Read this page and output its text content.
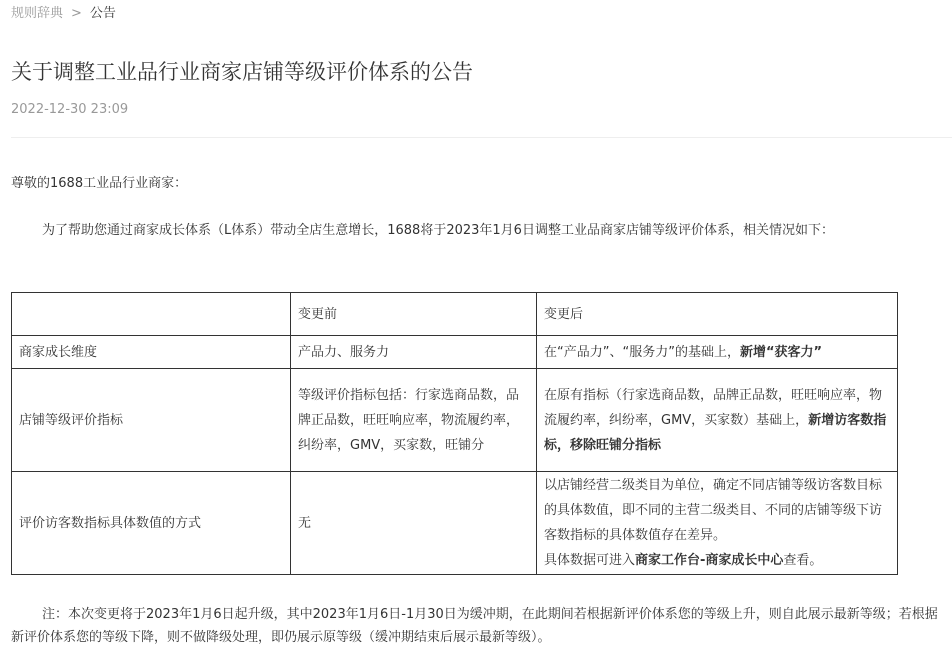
规则辞典 > 公告
关于调整工业品行业商家店铺等级评价体系的公告
2022-12-30 23:09

尊敬的1688工业品行业商家：

为了帮助您通过商家成长体系（L体系）带动全店生意增长，1688将于2023年1月6日调整工业品商家店铺等级评价体系，相关情况如下：

	变更前	变更后
商家成长维度	产品力、服务力	在“产品力”、“服务力”的基础上，新增“获客力”
店铺等级评价指标	等级评价指标包括：行家选商品数，品牌正品数，旺旺响应率，物流履约率，纠纷率，GMV，买家数，旺铺分	在原有指标（行家选商品数，品牌正品数，旺旺响应率，物流履约率，纠纷率，GMV，买家数）基础上，新增访客数指标，移除旺铺分指标
评价访客数指标具体数值的方式	无	以店铺经营二级类目为单位，确定不同店铺等级访客数目标的具体数值，即不同的主营二级类目、不同的店铺等级下访客数指标的具体数值存在差异。
具体数据可进入商家工作台-商家成长中心查看。

注：本次变更将于2023年1月6日起升级，其中2023年1月6日-1月30日为缓冲期，在此期间若根据新评价体系您的等级上升，则自此展示最新等级；若根据新评价体系您的等级下降，则不做降级处理，即仍展示原等级（缓冲期结束后展示最新等级）。
